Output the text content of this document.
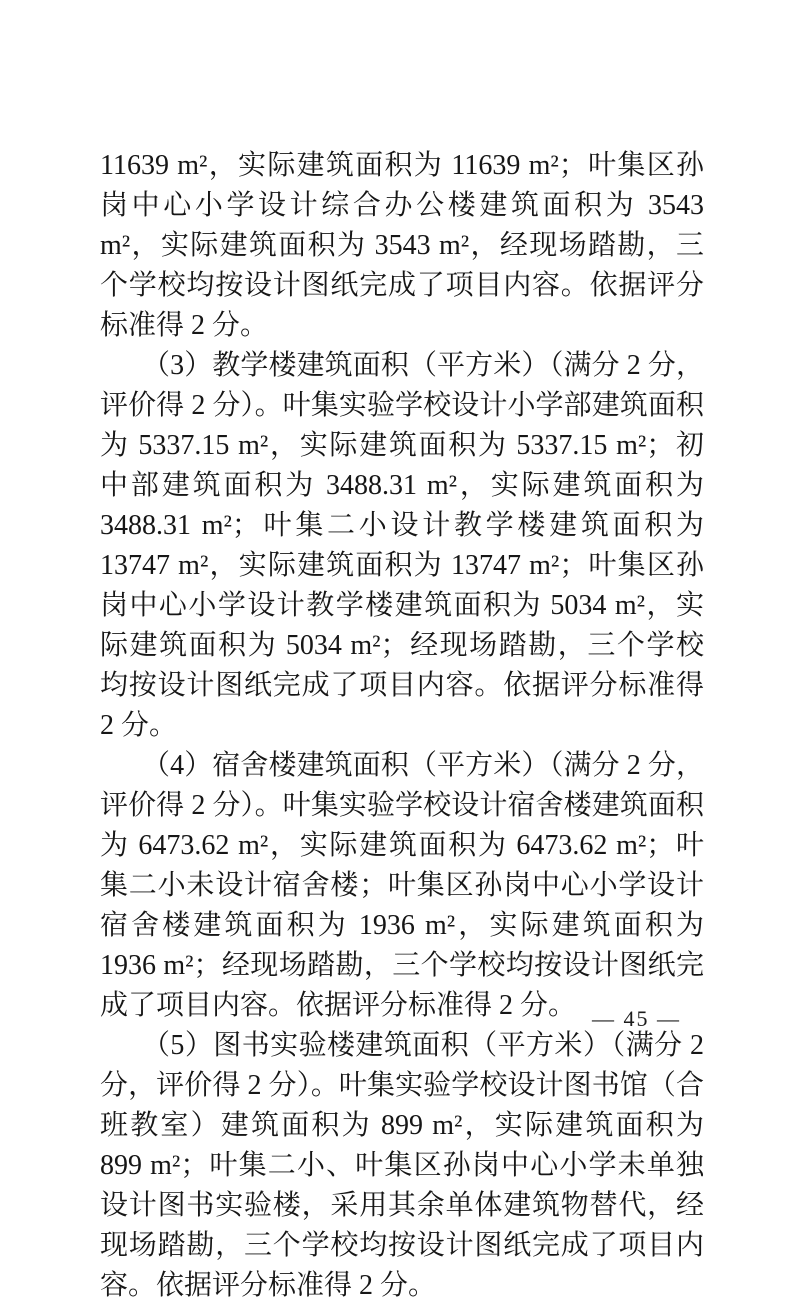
11639 m²，实际建筑面积为 11639 m²；叶集区孙岗中心小学设计综合办公楼建筑面积为 3543 m²，实际建筑面积为 3543 m²，经现场踏勘，三个学校均按设计图纸完成了项目内容。依据评分标准得 2 分。

（3）教学楼建筑面积（平方米）（满分 2 分，评价得 2 分）。叶集实验学校设计小学部建筑面积为 5337.15 m²，实际建筑面积为 5337.15 m²；初中部建筑面积为 3488.31 m²，实际建筑面积为 3488.31 m²；叶集二小设计教学楼建筑面积为 13747 m²，实际建筑面积为 13747 m²；叶集区孙岗中心小学设计教学楼建筑面积为 5034 m²，实际建筑面积为 5034 m²；经现场踏勘，三个学校均按设计图纸完成了项目内容。依据评分标准得 2 分。

（4）宿舍楼建筑面积（平方米）（满分 2 分，评价得 2 分）。叶集实验学校设计宿舍楼建筑面积为 6473.62 m²，实际建筑面积为 6473.62 m²；叶集二小未设计宿舍楼；叶集区孙岗中心小学设计宿舍楼建筑面积为 1936 m²，实际建筑面积为 1936 m²；经现场踏勘，三个学校均按设计图纸完成了项目内容。依据评分标准得 2 分。

（5）图书实验楼建筑面积（平方米）（满分 2 分，评价得 2 分）。叶集实验学校设计图书馆（合班教室）建筑面积为 899 m²，实际建筑面积为 899 m²；叶集二小、叶集区孙岗中心小学未单独设计图书实验楼，采用其余单体建筑物替代，经现场踏勘，三个学校均按设计图纸完成了项目内容。依据评分标准得 2 分。

— 45 —
